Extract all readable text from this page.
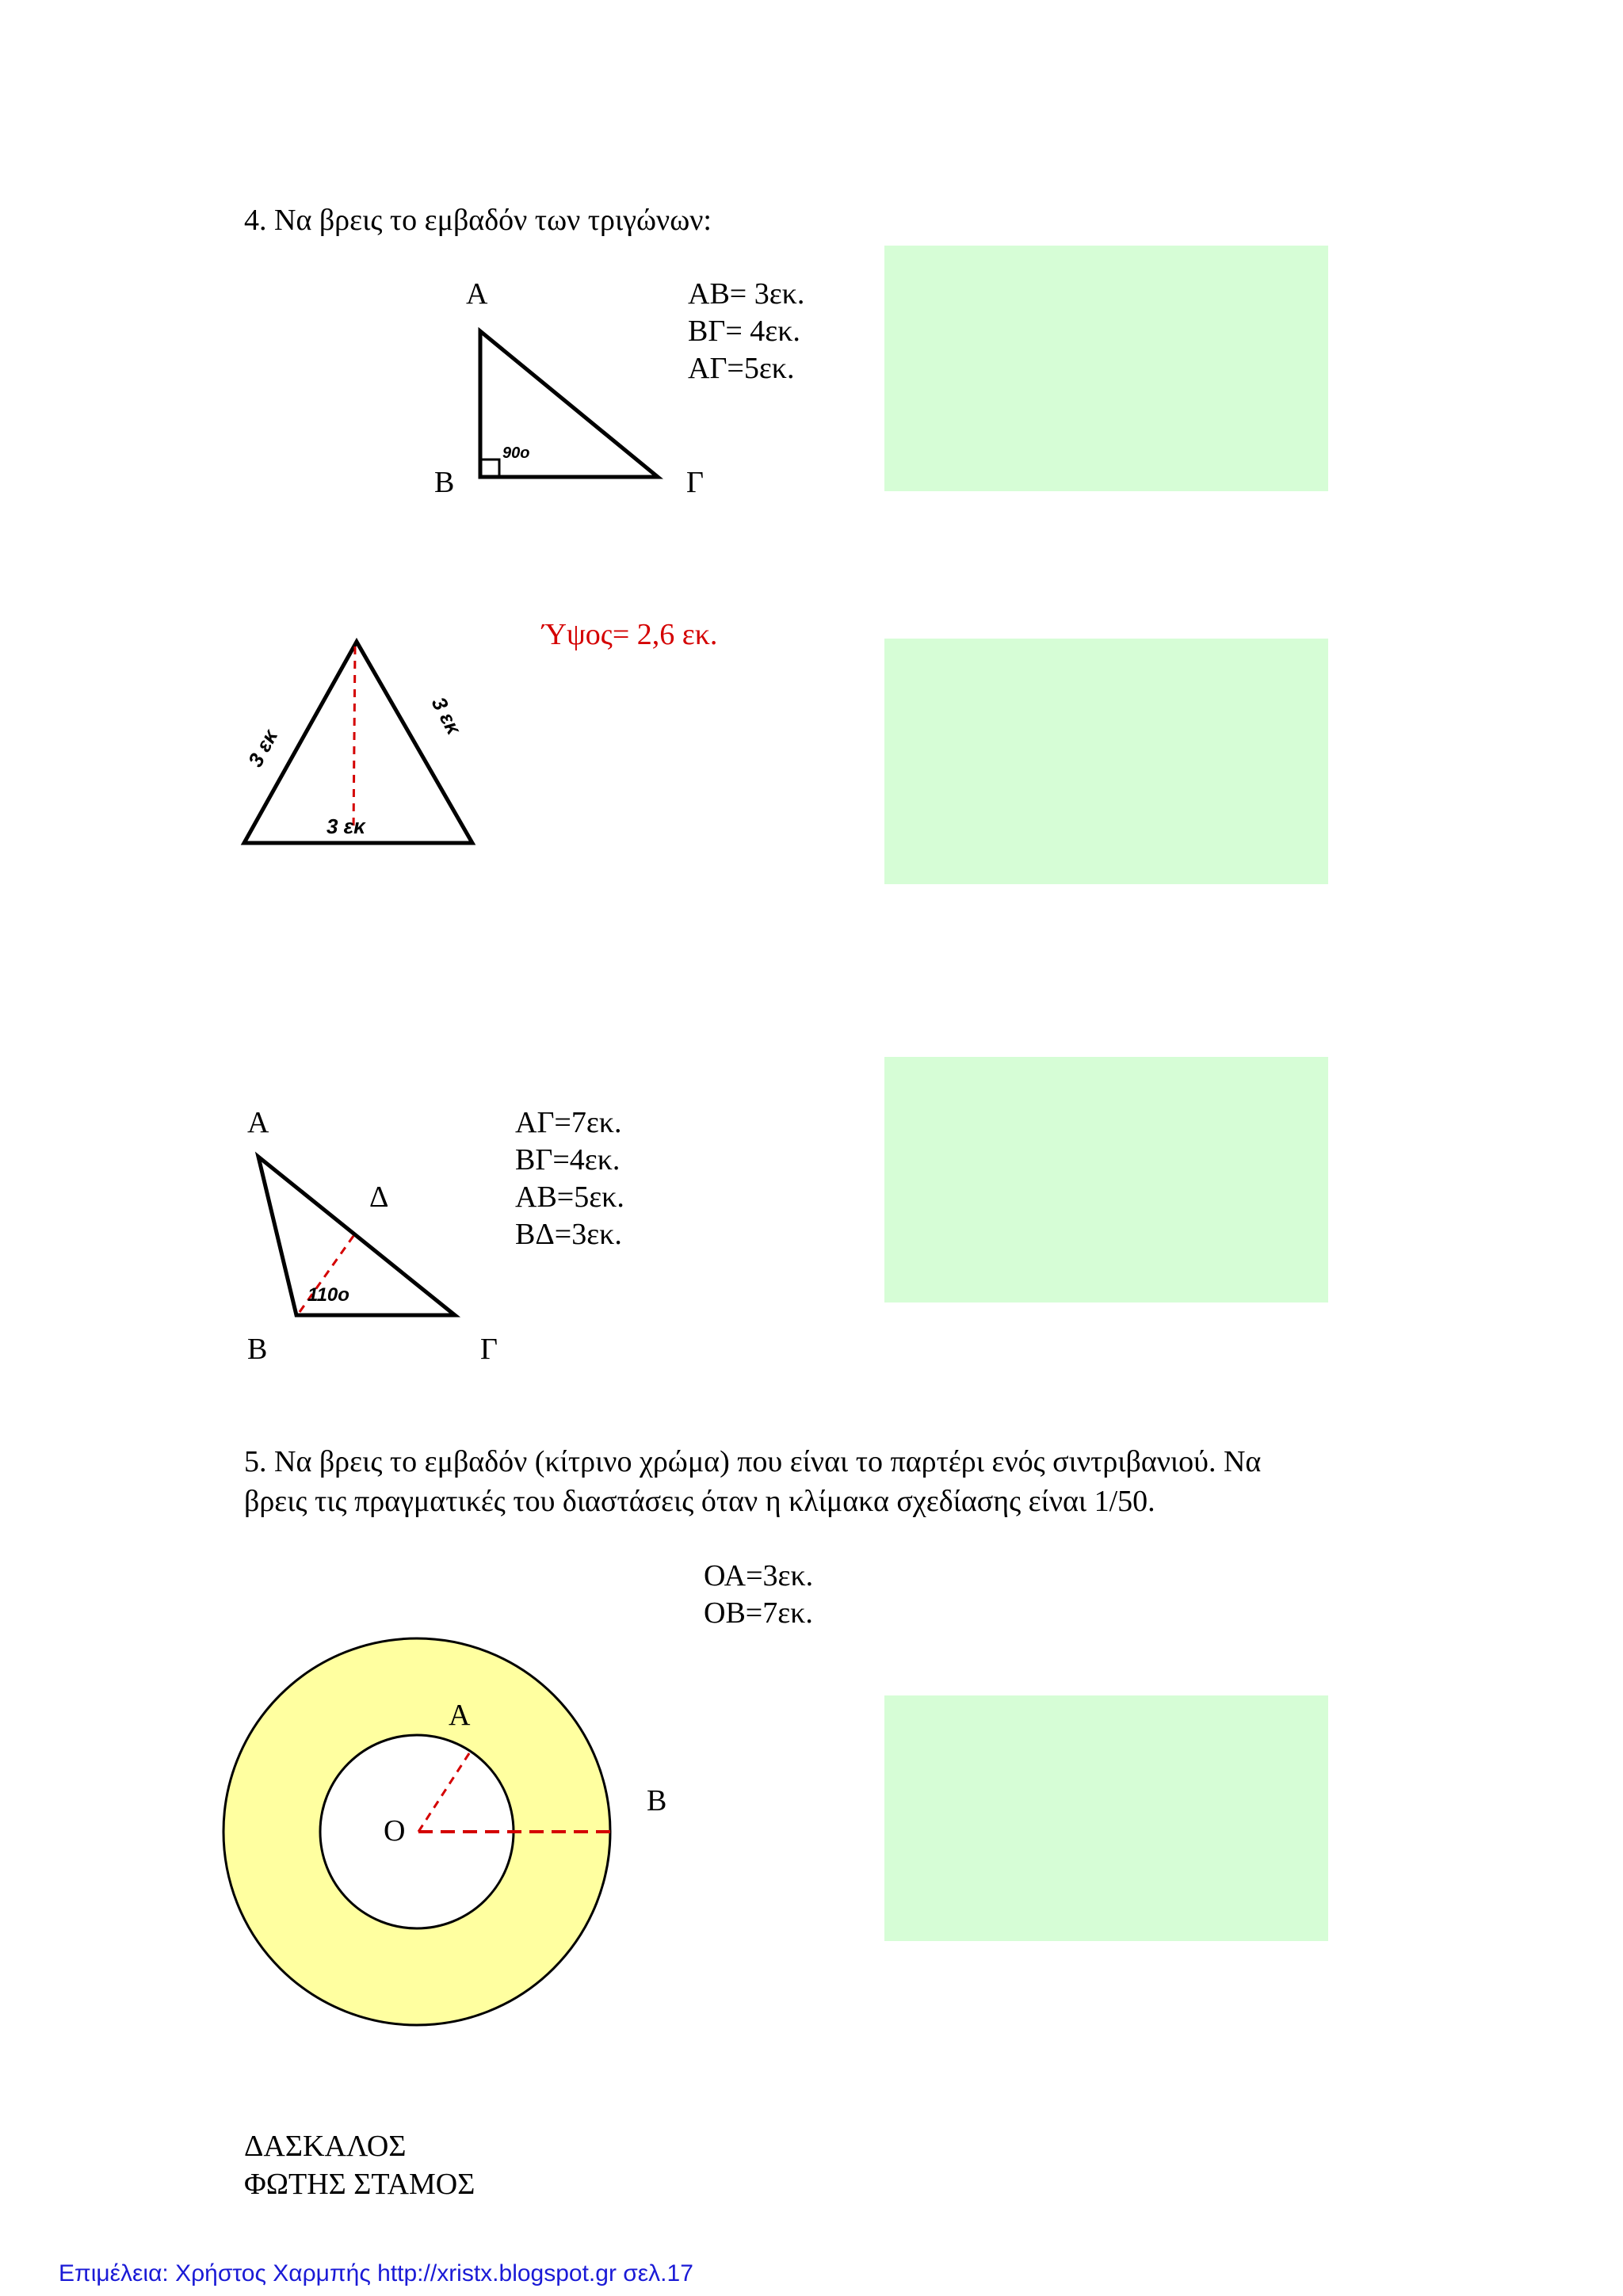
4. Να βρεις το εμβαδόν των τριγώνων:
Α
Β	Γ
90ο
ΑΒ= 3εκ.
ΒΓ= 4εκ.
ΑΓ=5εκ.
Ύψος= 2,6 εκ.
3 εκ
3 εκ
3 εκ
Α
Δ
Β	Γ
110ο
ΑΓ=7εκ.
ΒΓ=4εκ.
ΑΒ=5εκ.
ΒΔ=3εκ.
5. Να βρεις το εμβαδόν (κίτρινο χρώμα) που είναι το παρτέρι ενός σιντριβανιού. Να
βρεις τις πραγματικές του διαστάσεις όταν η κλίμακα σχεδίασης είναι 1/50.
ΟΑ=3εκ.
ΟΒ=7εκ.
Α
Β
Ο
ΔΑΣΚΑΛΟΣ
ΦΩΤΗΣ ΣΤΑΜΟΣ
Επιμέλεια: Χρήστος Χαρμπής http://xristx.blogspot.gr σελ.17
